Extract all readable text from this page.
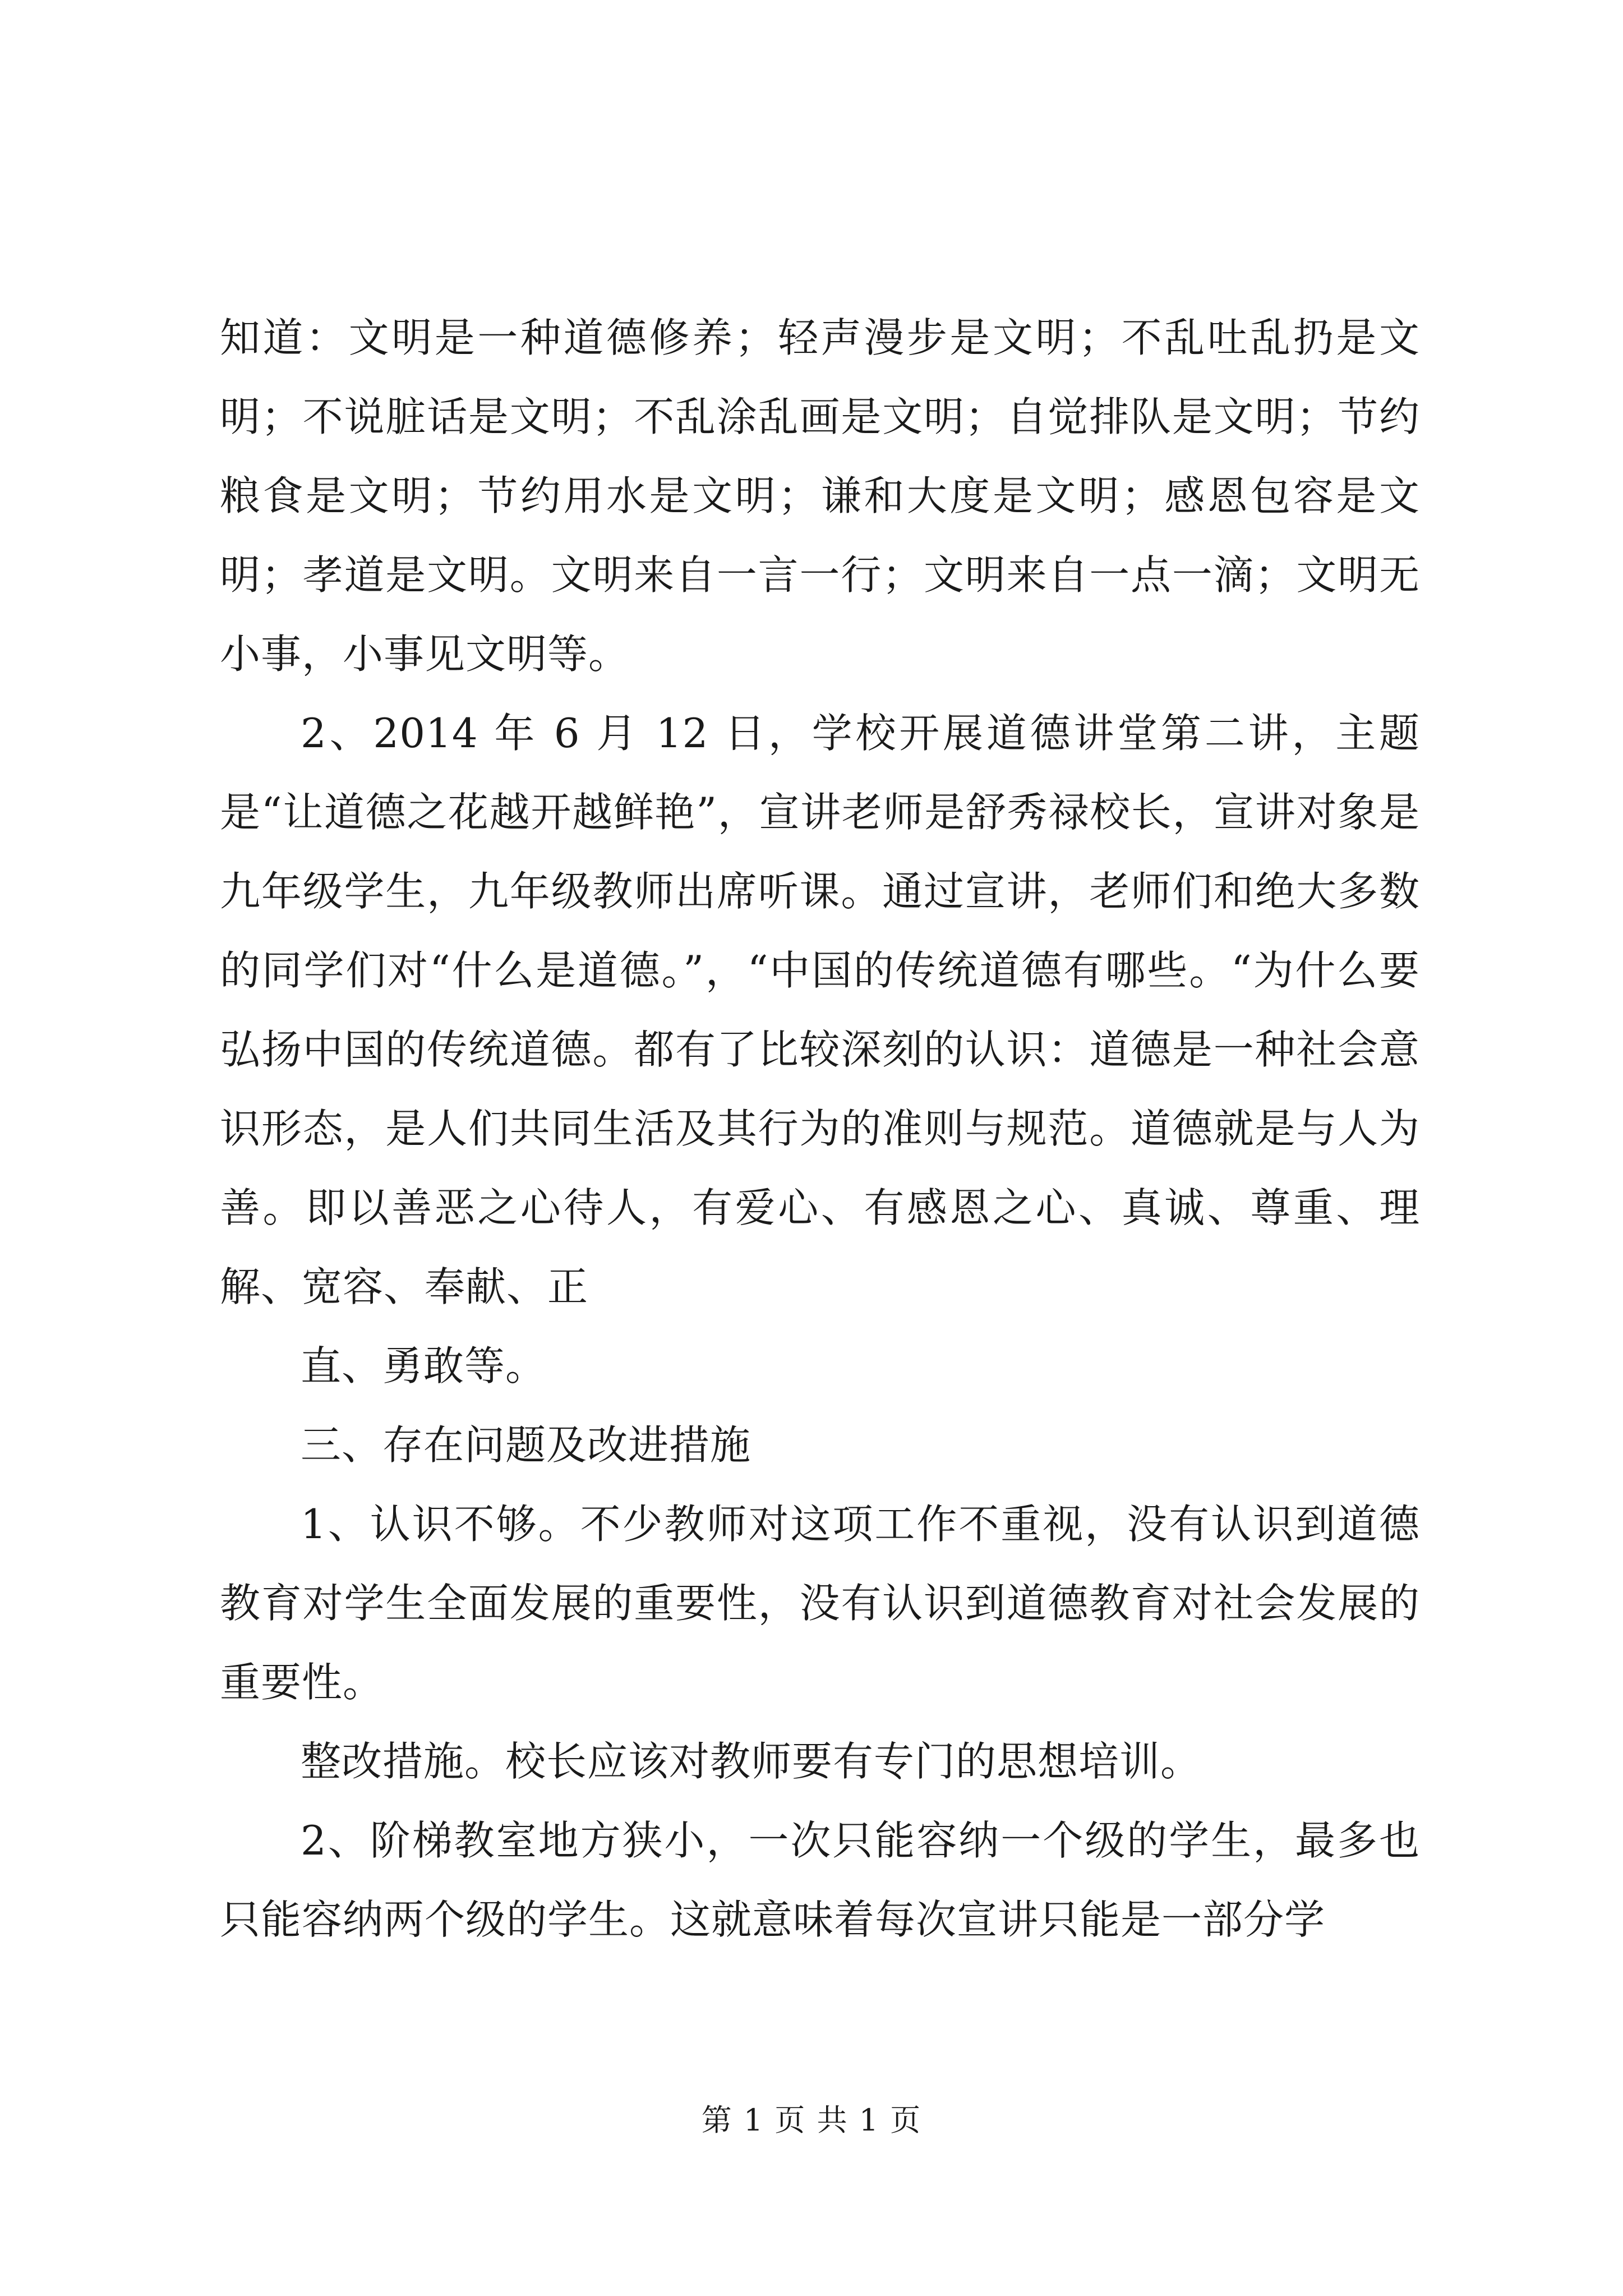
知道：文明是一种道德修养；轻声漫步是文明；不乱吐乱扔是文明；不说脏话是文明；不乱涂乱画是文明；自觉排队是文明；节约粮食是文明；节约用水是文明；谦和大度是文明；感恩包容是文明；孝道是文明。文明来自一言一行；文明来自一点一滴；文明无小事，小事见文明等。

2、2014 年 6 月 12 日，学校开展道德讲堂第二讲，主题是“让道德之花越开越鲜艳”，宣讲老师是舒秀禄校长，宣讲对象是九年级学生，九年级教师出席听课。通过宣讲，老师们和绝大多数的同学们对“什么是道德。”，“中国的传统道德有哪些。“为什么要弘扬中国的传统道德。都有了比较深刻的认识：道德是一种社会意识形态，是人们共同生活及其行为的准则与规范。道德就是与人为善。即以善恶之心待人，有爱心、有感恩之心、真诚、尊重、理解、宽容、奉献、正

直、勇敢等。

三、存在问题及改进措施

1、认识不够。不少教师对这项工作不重视，没有认识到道德教育对学生全面发展的重要性，没有认识到道德教育对社会发展的重要性。

整改措施。校长应该对教师要有专门的思想培训。

2、阶梯教室地方狭小，一次只能容纳一个级的学生，最多也只能容纳两个级的学生。这就意味着每次宣讲只能是一部分学

第 1 页 共 1 页
